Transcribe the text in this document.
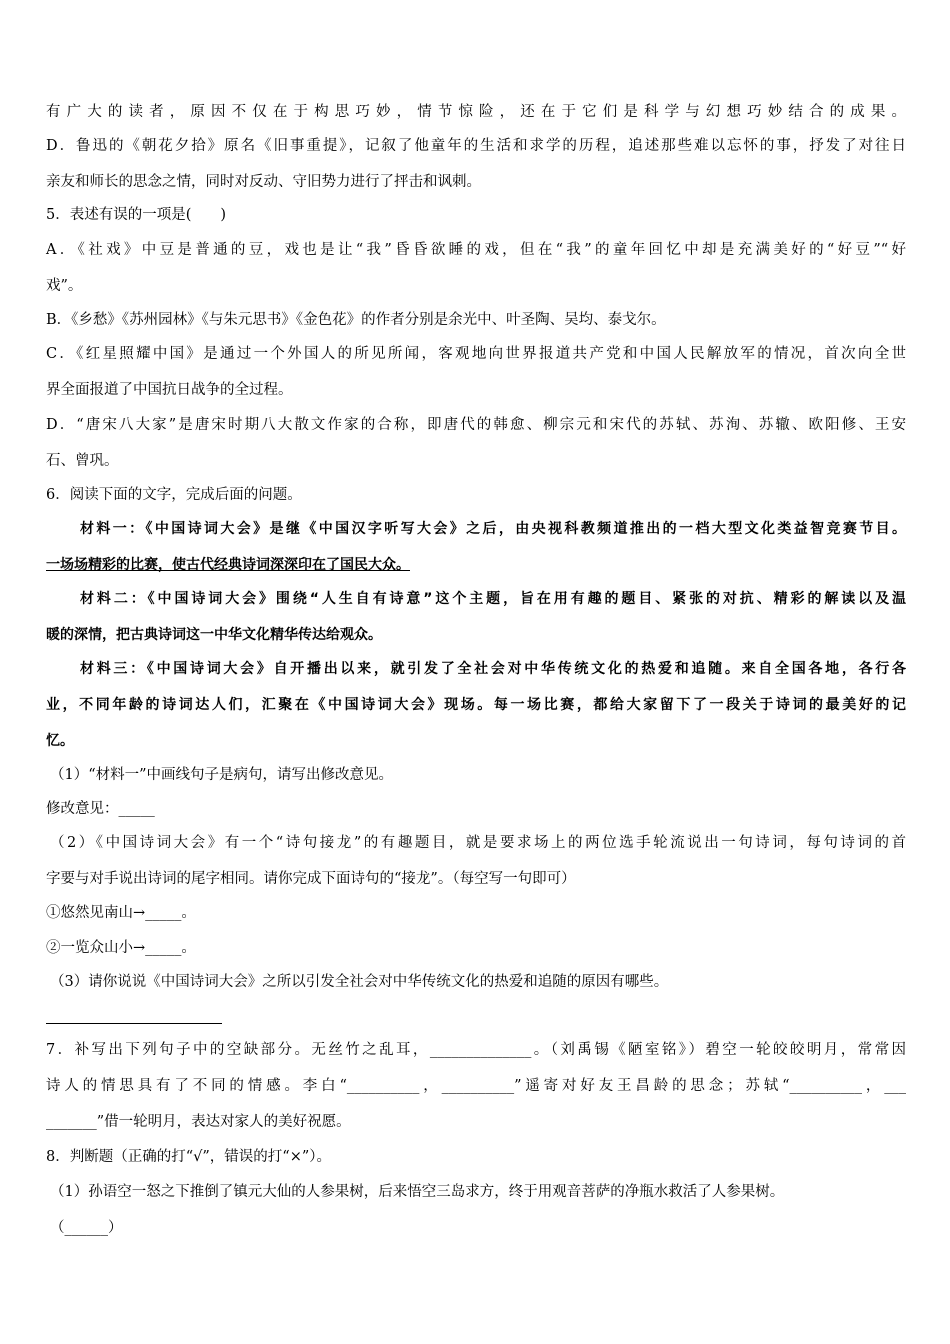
有广大的读者，原因不仅在于构思巧妙，情节惊险，还在于它们是科学与幻想巧妙结合的成果。
D．鲁迅的《朝花夕拾》原名《旧事重提》，记叙了他童年的生活和求学的历程，追述那些难以忘怀的事，抒发了对往日
亲友和师长的思念之情，同时对反动、守旧势力进行了抨击和讽刺。
5．表述有误的一项是(　　)
A．《社戏》中豆是普通的豆，戏也是让“我”昏昏欲睡的戏，但在“我”的童年回忆中却是充满美好的“好豆”“好
戏”。
B．《乡愁》《苏州园林》《与朱元思书》《金色花》的作者分别是余光中、叶圣陶、吴均、泰戈尔。
C．《红星照耀中国》是通过一个外国人的所见所闻，客观地向世界报道共产党和中国人民解放军的情况，首次向全世
界全面报道了中国抗日战争的全过程。
D．“唐宋八大家”是唐宋时期八大散文作家的合称，即唐代的韩愈、柳宗元和宋代的苏轼、苏洵、苏辙、欧阳修、王安
石、曾巩。
6．阅读下面的文字，完成后面的问题。
材料一：《中国诗词大会》是继《中国汉字听写大会》之后，由央视科教频道推出的一档大型文化类益智竞赛节目。
一场场精彩的比赛，使古代经典诗词深深印在了国民大众。
材料二：《中国诗词大会》围绕“人生自有诗意”这个主题，旨在用有趣的题目、紧张的对抗、精彩的解读以及温
暖的深情，把古典诗词这一中华文化精华传达给观众。
材料三：《中国诗词大会》自开播出以来，就引发了全社会对中华传统文化的热爱和追随。来自全国各地，各行各
业，不同年龄的诗词达人们，汇聚在《中国诗词大会》现场。每一场比赛，都给大家留下了一段关于诗词的最美好的记
忆。
（1）“材料一”中画线句子是病句，请写出修改意见。
修改意见：_____
（2）《中国诗词大会》有一个“诗句接龙”的有趣题目，就是要求场上的两位选手轮流说出一句诗词，每句诗词的首
字要与对手说出诗词的尾字相同。请你完成下面诗句的“接龙”。（每空写一句即可）
①悠然见南山→_____。
②一览众山小→_____。
（3）请你说说《中国诗词大会》之所以引发全社会对中华传统文化的热爱和追随的原因有哪些。
7．补写出下列句子中的空缺部分。无丝竹之乱耳，______________。（刘禹锡《陋室铭》）碧空一轮皎皎明月，常常因
诗人的情思具有了不同的情感。李白“__________，__________”遥寄对好友王昌龄的思念；苏轼“__________，___
_______”借一轮明月，表达对家人的美好祝愿。
8．判断题（正确的打“√”，错误的打“×”）。
（1）孙语空一怒之下推倒了镇元大仙的人参果树，后来悟空三岛求方，终于用观音菩萨的净瓶水救活了人参果树。
（______）
